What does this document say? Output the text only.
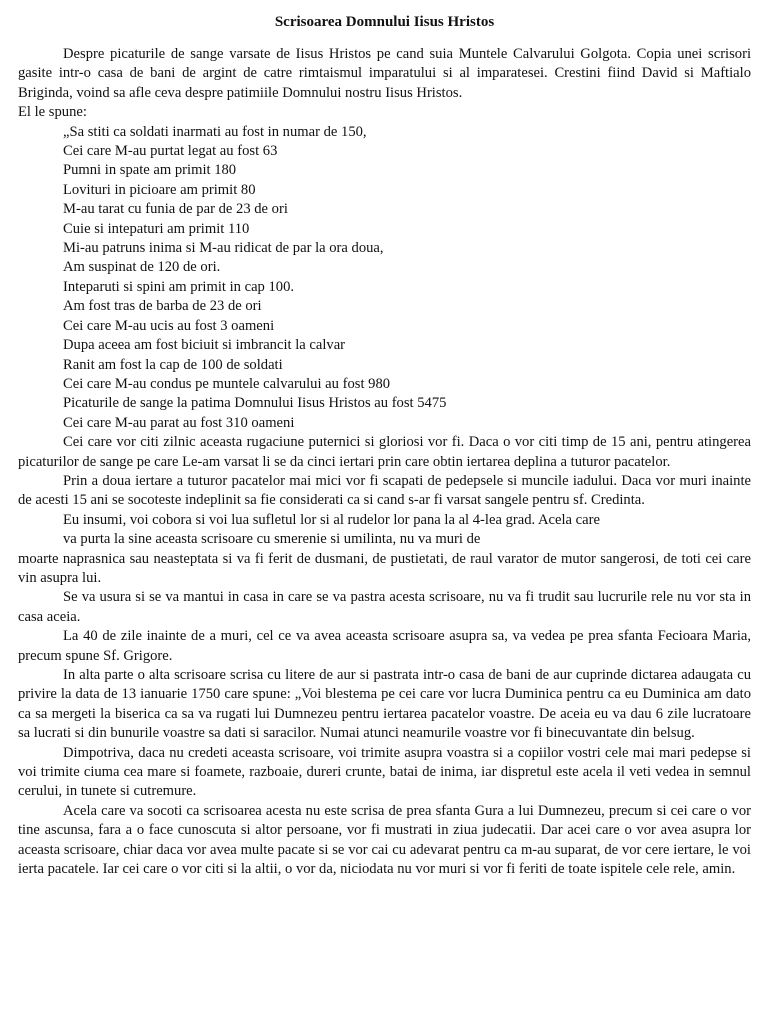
Scrisoarea Domnului Iisus Hristos

Despre picaturile de sange varsate de Iisus Hristos pe cand suia Muntele Calvarului Golgota. Copia unei scrisori gasite intr-o casa de bani de argint de catre rimtaismul imparatului si al imparatesei. Crestini fiind David si Maftialo Briginda, voind sa afle ceva despre patimiile Domnului nostru Iisus Hristos.

El le spune:

„Sa stiti ca soldati inarmati au fost in numar de 150,
Cei care M-au purtat legat au fost 63
Pumni in spate am primit 180
Lovituri in picioare am primit 80
M-au tarat cu funia de par de 23 de ori
Cuie si intepaturi am primit 110
Mi-au patruns inima si M-au ridicat de par la ora doua,
Am suspinat de 120 de ori.
Inteparuti si spini am primit in cap 100.
Am fost tras de barba de 23 de ori
Cei care M-au ucis au fost 3 oameni
Dupa aceea am fost biciuit si imbrancit la calvar
Ranit am fost la cap de 100 de soldati
Cei care M-au condus pe muntele calvarului au fost 980
Picaturile de sange la patima Domnului Iisus Hristos au fost 5475
Cei care M-au parat au fost 310 oameni

Cei care vor citi zilnic aceasta rugaciune puternici si gloriosi vor fi. Daca o vor citi timp de 15 ani, pentru atingerea picaturilor de sange pe care Le-am varsat li se da cinci iertari prin care obtin iertarea deplina a tuturor pacatelor.

Prin a doua iertare a tuturor pacatelor mai mici vor fi scapati de pedepsele si muncile iadului. Daca vor muri inainte de acesti 15 ani se socoteste indeplinit sa fie considerati ca si cand s-ar fi varsat sangele pentru sf. Credinta.

Eu insumi, voi cobora si voi lua sufletul lor si al rudelor lor pana la al 4-lea grad. Acela care

va purta la sine aceasta scrisoare cu smerenie si umilinta, nu va muri de

moarte naprasnica sau neasteptata si va fi ferit de dusmani, de pustietati, de raul varator de mutor sangerosi, de toti cei care vin asupra lui.

Se va usura si se va mantui in casa in care se va pastra acesta scrisoare, nu va fi trudit sau lucrurile rele nu vor sta in casa aceia.

La 40 de zile inainte de a muri, cel ce va avea aceasta scrisoare asupra sa, va vedea pe prea sfanta Fecioara Maria, precum spune Sf. Grigore.

In alta parte o alta scrisoare scrisa cu litere de aur si pastrata intr-o casa de bani de aur cuprinde dictarea adaugata cu privire la data de 13 ianuarie 1750 care spune: „Voi blestema pe cei care vor lucra Duminica pentru ca eu Duminica am dato ca sa mergeti la biserica ca sa va rugati lui Dumnezeu pentru iertarea pacatelor voastre. De aceia eu va dau 6 zile lucratoare sa lucrati si din bunurile voastre sa dati si saracilor. Numai atunci neamurile voastre vor fi binecuvantate din belsug.

Dimpotriva, daca nu credeti aceasta scrisoare, voi trimite asupra voastra si a copiilor vostri cele mai mari pedepse si voi trimite ciuma cea mare si foamete, razboaie, dureri crunte, batai de inima, iar dispretul este acela il veti vedea in semnul cerului, in tunete si cutremure.

Acela care va socoti ca scrisoarea acesta nu este scrisa de prea sfanta Gura a lui Dumnezeu, precum si cei care o vor tine ascunsa, fara a o face cunoscuta si altor persoane, vor fi mustrati in ziua judecatii. Dar acei care o vor avea asupra lor aceasta scrisoare, chiar daca vor avea multe pacate si se vor cai cu adevarat pentru ca m-au suparat, de vor cere iertare, le voi ierta pacatele. Iar cei care o vor citi si la altii, o vor da, niciodata nu vor muri si vor fi feriti de toate ispitele cele rele, amin.
